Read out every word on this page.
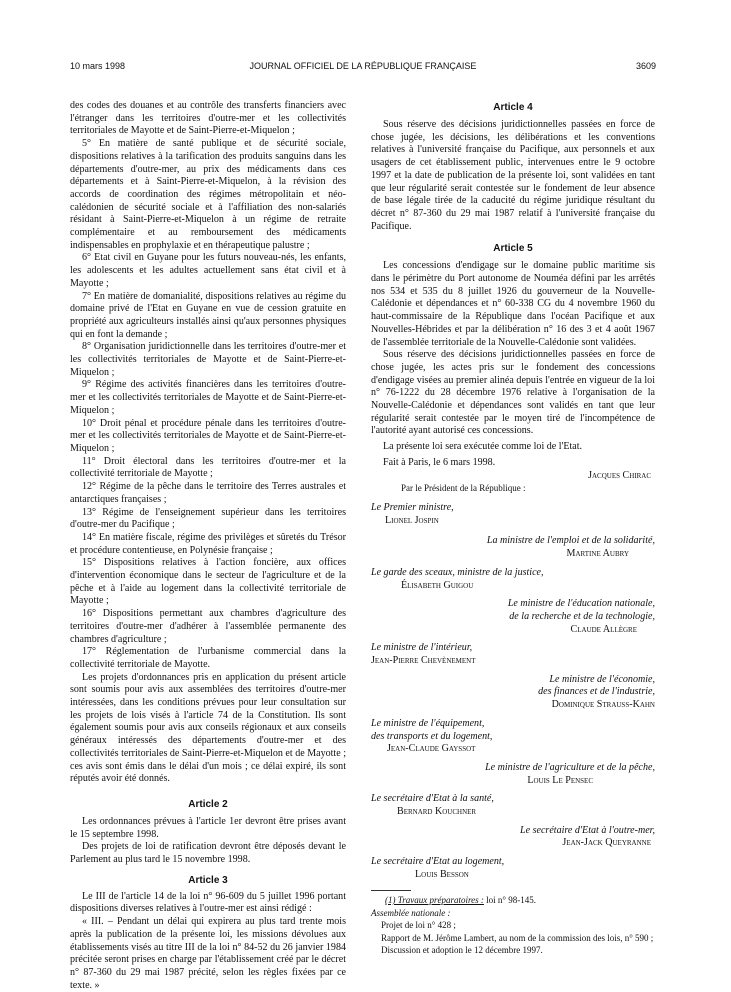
10 mars 1998	JOURNAL OFFICIEL DE LA RÉPUBLIQUE FRANÇAISE	3609

des codes des douanes et au contrôle des transferts financiers avec l'étranger dans les territoires d'outre-mer et les collectivités territoriales de Mayotte et de Saint-Pierre-et-Miquelon ;

5° En matière de santé publique et de sécurité sociale, dispositions relatives à la tarification des produits sanguins dans les départements d'outre-mer, au prix des médicaments dans ces départements et à Saint-Pierre-et-Miquelon, à la révision des accords de coordination des régimes métropolitain et néo-calédonien de sécurité sociale et à l'affiliation des non-salariés résidant à Saint-Pierre-et-Miquelon à un régime de retraite complémentaire et au remboursement des médicaments indispensables en prophylaxie et en thérapeutique palustre ;

6° Etat civil en Guyane pour les futurs nouveau-nés, les enfants, les adolescents et les adultes actuellement sans état civil et à Mayotte ;

7° En matière de domanialité, dispositions relatives au régime du domaine privé de l'Etat en Guyane en vue de cession gratuite en propriété aux agriculteurs installés ainsi qu'aux personnes physiques qui en font la demande ;

8° Organisation juridictionnelle dans les territoires d'outre-mer et les collectivités territoriales de Mayotte et de Saint-Pierre-et-Miquelon ;

9° Régime des activités financières dans les territoires d'outre-mer et les collectivités territoriales de Mayotte et de Saint-Pierre-et-Miquelon ;

10° Droit pénal et procédure pénale dans les territoires d'outre-mer et les collectivités territoriales de Mayotte et de Saint-Pierre-et-Miquelon ;

11° Droit électoral dans les territoires d'outre-mer et la collectivité territoriale de Mayotte ;

12° Régime de la pêche dans le territoire des Terres australes et antarctiques françaises ;

13° Régime de l'enseignement supérieur dans les territoires d'outre-mer du Pacifique ;

14° En matière fiscale, régime des privilèges et sûretés du Trésor et procédure contentieuse, en Polynésie française ;

15° Dispositions relatives à l'action foncière, aux offices d'intervention économique dans le secteur de l'agriculture et de la pêche et à l'aide au logement dans la collectivité territoriale de Mayotte ;

16° Dispositions permettant aux chambres d'agriculture des territoires d'outre-mer d'adhérer à l'assemblée permanente des chambres d'agriculture ;

17° Réglementation de l'urbanisme commercial dans la collectivité territoriale de Mayotte.

Les projets d'ordonnances pris en application du présent article sont soumis pour avis aux assemblées des territoires d'outre-mer intéressées, dans les conditions prévues pour leur consultation sur les projets de lois visés à l'article 74 de la Constitution. Ils sont également soumis pour avis aux conseils régionaux et aux conseils généraux intéressés des départements d'outre-mer et des collectivités territoriales de Saint-Pierre-et-Miquelon et de Mayotte ; ces avis sont émis dans le délai d'un mois ; ce délai expiré, ils sont réputés avoir été donnés.

Article 2

Les ordonnances prévues à l'article 1er devront être prises avant le 15 septembre 1998.

Des projets de loi de ratification devront être déposés devant le Parlement au plus tard le 15 novembre 1998.

Article 3

Le III de l'article 14 de la loi n° 96-609 du 5 juillet 1996 portant dispositions diverses relatives à l'outre-mer est ainsi rédigé :

« III. – Pendant un délai qui expirera au plus tard trente mois après la publication de la présente loi, les missions dévolues aux établissements visés au titre III de la loi n° 84-52 du 26 janvier 1984 précitée seront prises en charge par l'établissement créé par le décret n° 87-360 du 29 mai 1987 précité, selon les règles fixées par ce texte. »

Article 4

Sous réserve des décisions juridictionnelles passées en force de chose jugée, les décisions, les délibérations et les conventions relatives à l'université française du Pacifique, aux personnels et aux usagers de cet établissement public, intervenues entre le 9 octobre 1997 et la date de publication de la présente loi, sont validées en tant que leur régularité serait contestée sur le fondement de leur absence de base légale tirée de la caducité du régime juridique résultant du décret n° 87-360 du 29 mai 1987 relatif à l'université française du Pacifique.

Article 5

Les concessions d'endigage sur le domaine public maritime sis dans le périmètre du Port autonome de Nouméa défini par les arrêtés nos 534 et 535 du 8 juillet 1926 du gouverneur de la Nouvelle-Calédonie et dépendances et n° 60-338 CG du 4 novembre 1960 du haut-commissaire de la République dans l'océan Pacifique et aux Nouvelles-Hébrides et par la délibération n° 16 des 3 et 4 août 1967 de l'assemblée territoriale de la Nouvelle-Calédonie sont validées.

Sous réserve des décisions juridictionnelles passées en force de chose jugée, les actes pris sur le fondement des concessions d'endigage visées au premier alinéa depuis l'entrée en vigueur de la loi n° 76-1222 du 28 décembre 1976 relative à l'organisation de la Nouvelle-Calédonie et dépendances sont validés en tant que leur régularité serait contestée par le moyen tiré de l'incompétence de l'autorité ayant autorisé ces concessions.

La présente loi sera exécutée comme loi de l'Etat.

Fait à Paris, le 6 mars 1998.

Jacques Chirac

Par le Président de la République :

Le Premier ministre,

Lionel Jospin

La ministre de l'emploi et de la solidarité,

Martine Aubry

Le garde des sceaux, ministre de la justice,

Élisabeth Guigou

Le ministre de l'éducation nationale,

de la recherche et de la technologie,

Claude Allègre

Le ministre de l'intérieur,

Jean-Pierre Chevènement

Le ministre de l'économie,

des finances et de l'industrie,

Dominique Strauss-Kahn

Le ministre de l'équipement,

des transports et du logement,

Jean-Claude Gayssot

Le ministre de l'agriculture et de la pêche,

Louis Le Pensec

Le secrétaire d'Etat à la santé,

Bernard Kouchner

Le secrétaire d'Etat à l'outre-mer,

Jean-Jack Queyranne

Le secrétaire d'Etat au logement,

Louis Besson

(1) Travaux préparatoires : loi n° 98-145.

Assemblée nationale :

Projet de loi n° 428 ;

Rapport de M. Jérôme Lambert, au nom de la commission des lois, n° 590 ;

Discussion et adoption le 12 décembre 1997.
